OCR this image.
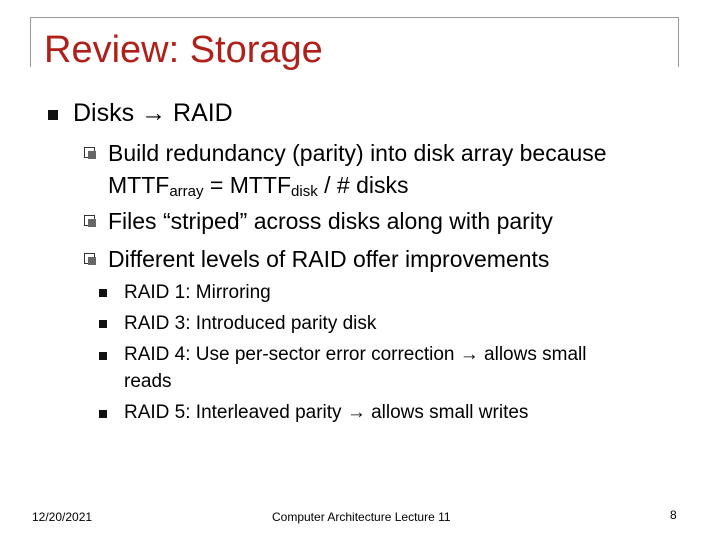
Review: Storage
Disks → RAID
Build redundancy (parity) into disk array because
$MTTF_{array}$ = $MTTF_{disk}$ / # disks
Files “striped” across disks along with parity
Different levels of RAID offer improvements
RAID 1: Mirroring
RAID 3: Introduced parity disk
RAID 4: Use per-sector error correction → allows small
reads
RAID 5: Interleaved parity → allows small writes
12/20/2021	Computer Architecture Lecture 11	8
